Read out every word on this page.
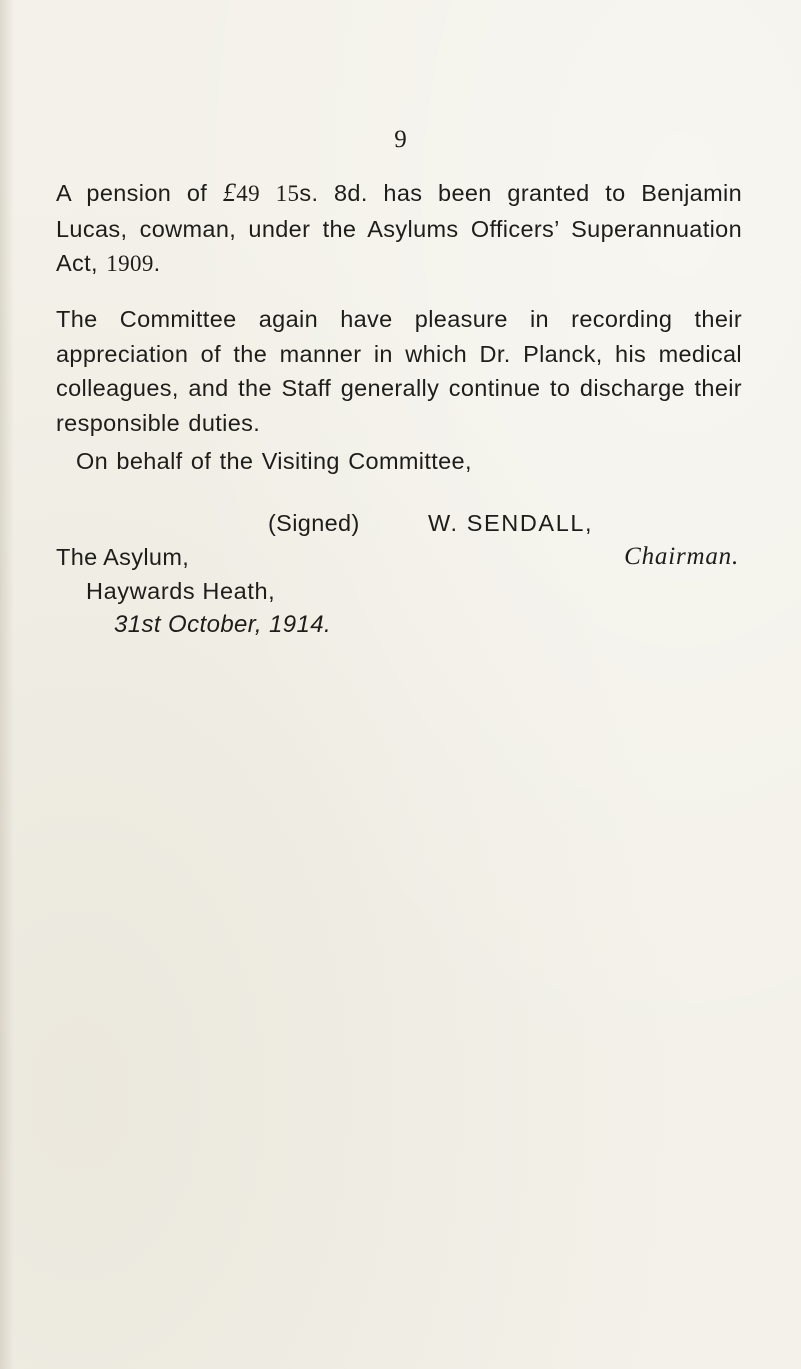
9

A pension of £49 15s. 8d. has been granted to Benjamin Lucas, cowman, under the Asylums Officers’ Superannuation Act, 1909.

The Committee again have pleasure in recording their appreciation of the manner in which Dr. Planck, his medical colleagues, and the Staff generally continue to discharge their responsible duties.

On behalf of the Visiting Committee,

(Signed)	W. SENDALL,
The Asylum,	Chairman.
Haywards Heath,
31st October, 1914.
